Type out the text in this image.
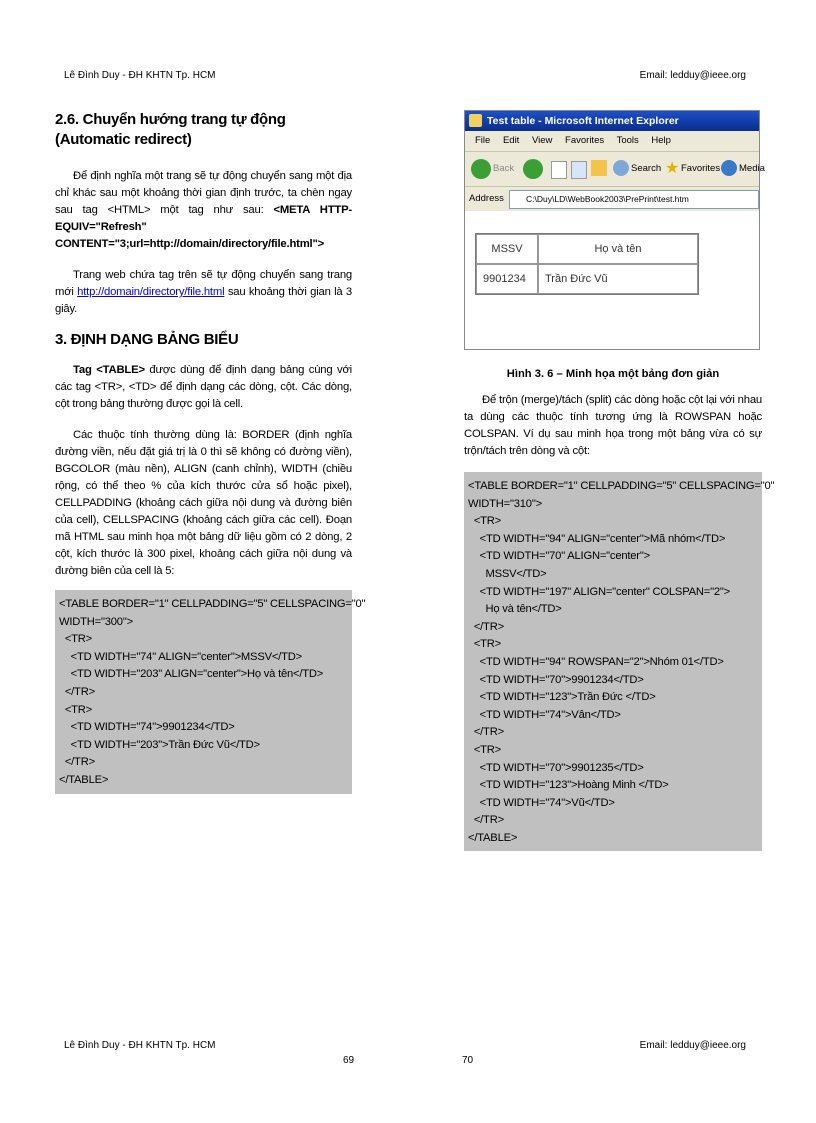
Lê Đình Duy - ĐH KHTN Tp. HCM	Email: ledduy@ieee.org
2.6. Chuyển hướng trang tự động (Automatic redirect)

Để định nghĩa một trang sẽ tự động chuyển sang một địa chỉ khác sau một khoảng thời gian định trước, ta chèn ngay sau tag <HTML> một tag như sau: <META HTTP-EQUIV="Refresh" CONTENT="3;url=http://domain/directory/file.html">

Trang web chứa tag trên sẽ tự động chuyển sang trang mới http://domain/directory/file.html sau khoảng thời gian là 3 giây.

3. ĐỊNH DẠNG BẢNG BIỂU

Tag <TABLE> được dùng để định dạng bảng cùng với các tag <TR>, <TD> để định dạng các dòng, cột. Các dòng, cột trong bảng thường được gọi là cell.

Các thuộc tính thường dùng là: BORDER (định nghĩa đường viền, nếu đặt giá trị là 0 thì sẽ không có đường viền), BGCOLOR (màu nền), ALIGN (canh chỉnh), WIDTH (chiều rộng, có thể theo % của kích thước cửa sổ hoặc pixel), CELLPADDING (khoảng cách giữa nội dung và đường biên của cell), CELLSPACING (khoảng cách giữa các cell). Đoạn mã HTML sau minh họa một bảng dữ liệu gồm có 2 dòng, 2 cột, kích thước là 300 pixel, khoảng cách giữa nội dung và đường biên của cell là 5:

<TABLE BORDER="1" CELLPADDING="5" CELLSPACING="0"
WIDTH="300">
<TR>
<TD WIDTH="74" ALIGN="center">MSSV</TD>
<TD WIDTH="203" ALIGN="center">Họ và tên</TD>
</TR>
<TR>
<TD WIDTH="74">9901234</TD>
<TD WIDTH="203">Trần Đức Vũ</TD>
</TR>
</TABLE>
Test table - Microsoft Internet Explorer
File Edit View Favorites Tools Help
Back	Search ★ Favorites Media
Address	C:\Duy\LD\WebBook2003\PrePrint\test.htm
MSSV	Họ và tên
9901234	Trần Đức Vũ
Hình 3. 6 – Minh họa một bảng đơn giản

Để trộn (merge)/tách (split) các dòng hoặc cột lại với nhau ta dùng các thuộc tính tương ứng là ROWSPAN hoặc COLSPAN. Ví dụ sau minh họa trong một bảng vừa có sự trộn/tách trên dòng và cột:

<TABLE BORDER="1" CELLPADDING="5" CELLSPACING="0"
WIDTH="310">
<TR>
<TD WIDTH="94" ALIGN="center">Mã nhóm</TD>
<TD WIDTH="70" ALIGN="center">
MSSV</TD>
<TD WIDTH="197" ALIGN="center" COLSPAN="2">
Họ và tên</TD>
</TR>
<TR>
<TD WIDTH="94" ROWSPAN="2">Nhóm 01</TD>
<TD WIDTH="70">9901234</TD>
<TD WIDTH="123">Trần Đức </TD>
<TD WIDTH="74">Vân</TD>
</TR>
<TR>
<TD WIDTH="70">9901235</TD>
<TD WIDTH="123">Hoàng Minh </TD>
<TD WIDTH="74">Vũ</TD>
</TR>
</TABLE>
Lê Đình Duy - ĐH KHTN Tp. HCM	Email: ledduy@ieee.org
69	70
